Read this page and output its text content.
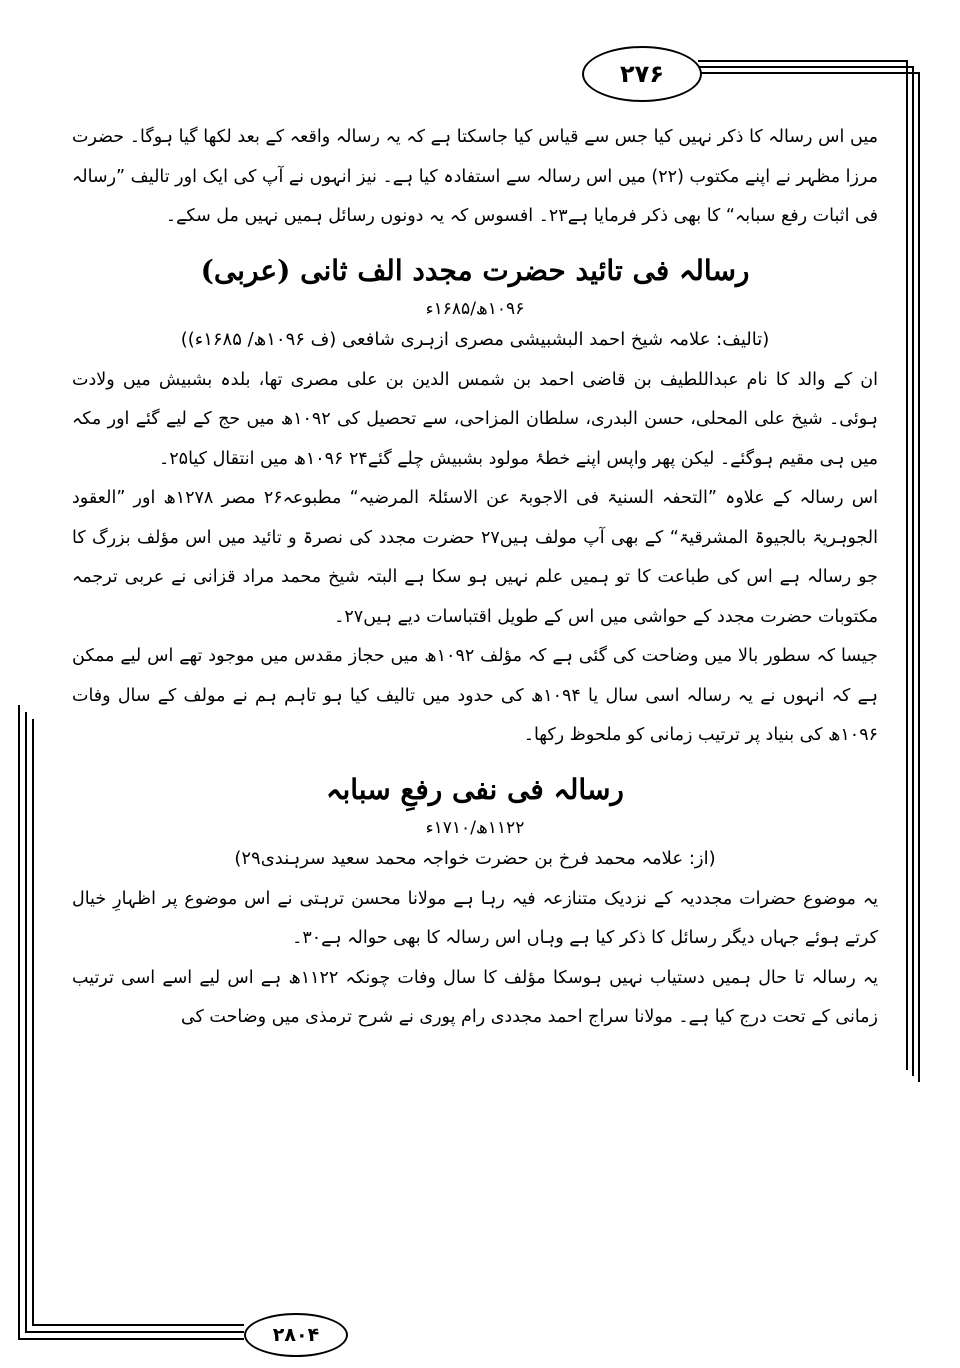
۲۷۶
۲۸۰۴

میں اس رسالہ کا ذکر نہیں کیا جس سے قیاس کیا جاسکتا ہے کہ یہ رسالہ واقعہ کے بعد لکھا گیا ہوگا۔ حضرت مرزا مظہر نے اپنے مکتوب (۲۲) میں اس رسالہ سے استفادہ کیا ہے۔ نیز انہوں نے آپ کی ایک اور تالیف ”رسالہ فی اثبات رفع سبابہ“ کا بھی ذکر فرمایا ہے۲۳۔ افسوس کہ یہ دونوں رسائل ہمیں نہیں مل سکے۔

رسالہ فی تائید حضرت مجدد الف ثانی (عربی)

۱۰۹۶ھ/۱۶۸۵ء

(تالیف: علامہ شیخ احمد البشبیشی مصری ازہری شافعی (ف ۱۰۹۶ھ/ ۱۶۸۵ء))

ان کے والد کا نام عبداللطیف بن قاضی احمد بن شمس الدین بن علی مصری تھا، بلدہ بشبیش میں ولادت ہوئی۔ شیخ علی المحلی، حسن البدری، سلطان المزاحی، سے تحصیل کی ۱۰۹۲ھ میں حج کے لیے گئے اور مکہ میں ہی مقیم ہوگئے۔ لیکن پھر واپس اپنے خطۂ مولود بشبیش چلے گئے۲۴ ۱۰۹۶ھ میں انتقال کیا۲۵۔

اس رسالہ کے علاوہ ”التحفہ السنیۃ فی الاجوبۃ عن الاسئلۃ المرضیہ“ مطبوعہ۲۶ مصر ۱۲۷۸ھ اور ”العقود الجوہریۃ بالجیوۃ المشرقیۃ“ کے بھی آپ مولف ہیں۲۷ حضرت مجدد کی نصرۃ و تائید میں اس مؤلف بزرگ کا جو رسالہ ہے اس کی طباعت کا تو ہمیں علم نہیں ہو سکا ہے البتہ شیخ محمد مراد قزانی نے عربی ترجمہ مکتوبات حضرت مجدد کے حواشی میں اس کے طویل اقتباسات دیے ہیں۲۷۔

جیسا کہ سطور بالا میں وضاحت کی گئی ہے کہ مؤلف ۱۰۹۲ھ میں حجاز مقدس میں موجود تھے اس لیے ممکن ہے کہ انہوں نے یہ رسالہ اسی سال یا ۱۰۹۴ھ کی حدود میں تالیف کیا ہو تاہم ہم نے مولف کے سال وفات ۱۰۹۶ھ کی بنیاد پر ترتیب زمانی کو ملحوظ رکھا۔

رسالہ فی نفی رفعِ سبابہ

۱۱۲۲ھ/۱۷۱۰ء

(از: علامہ محمد فرخ بن حضرت خواجہ محمد سعید سرہندی۲۹)

یہ موضوع حضرات مجددیہ کے نزدیک متنازعہ فیہ رہا ہے مولانا محسن ترہتی نے اس موضوع پر اظہارِ خیال کرتے ہوئے جہاں دیگر رسائل کا ذکر کیا ہے وہاں اس رسالہ کا بھی حوالہ ہے۳۰۔

یہ رسالہ تا حال ہمیں دستیاب نہیں ہوسکا مؤلف کا سال وفات چونکہ ۱۱۲۲ھ ہے اس لیے اسے اسی ترتیب زمانی کے تحت درج کیا ہے۔ مولانا سراج احمد مجددی رام پوری نے شرح ترمذی میں وضاحت کی
